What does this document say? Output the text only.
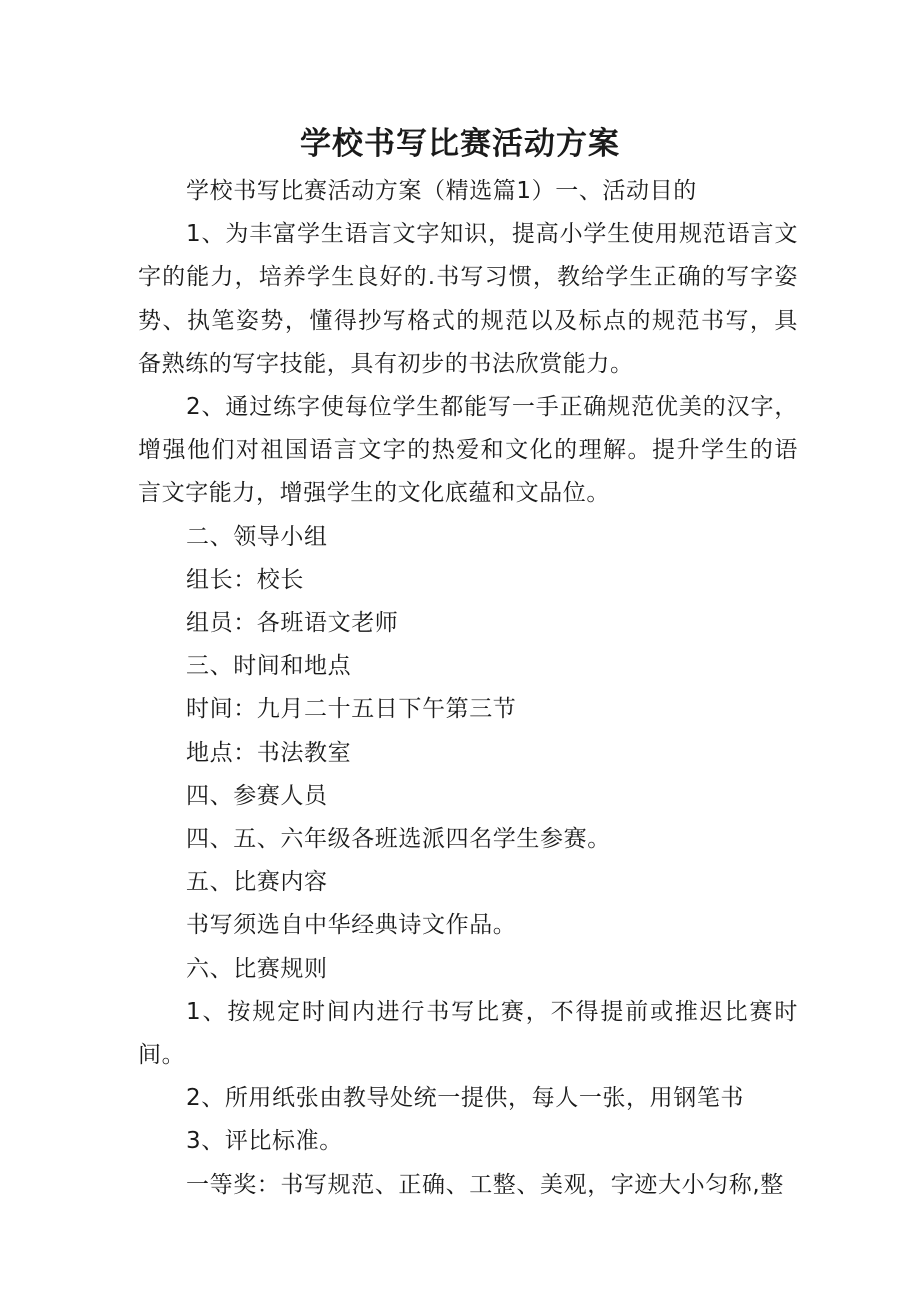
学校书写比赛活动方案

学校书写比赛活动方案（精选篇1）一、活动目的

1、为丰富学生语言文字知识，提高小学生使用规范语言文字的能力，培养学生良好的.书写习惯，教给学生正确的写字姿势、执笔姿势，懂得抄写格式的规范以及标点的规范书写，具备熟练的写字技能，具有初步的书法欣赏能力。

2、通过练字使每位学生都能写一手正确规范优美的汉字，增强他们对祖国语言文字的热爱和文化的理解。提升学生的语言文字能力，增强学生的文化底蕴和文品位。

二、领导小组

组长：校长

组员：各班语文老师

三、时间和地点

时间：九月二十五日下午第三节

地点：书法教室

四、参赛人员

四、五、六年级各班选派四名学生参赛。

五、比赛内容

书写须选自中华经典诗文作品。

六、比赛规则

1、按规定时间内进行书写比赛，不得提前或推迟比赛时间。

2、所用纸张由教导处统一提供，每人一张，用钢笔书

3、评比标准。

一等奖：书写规范、正确、工整、美观，字迹大小匀称,整
